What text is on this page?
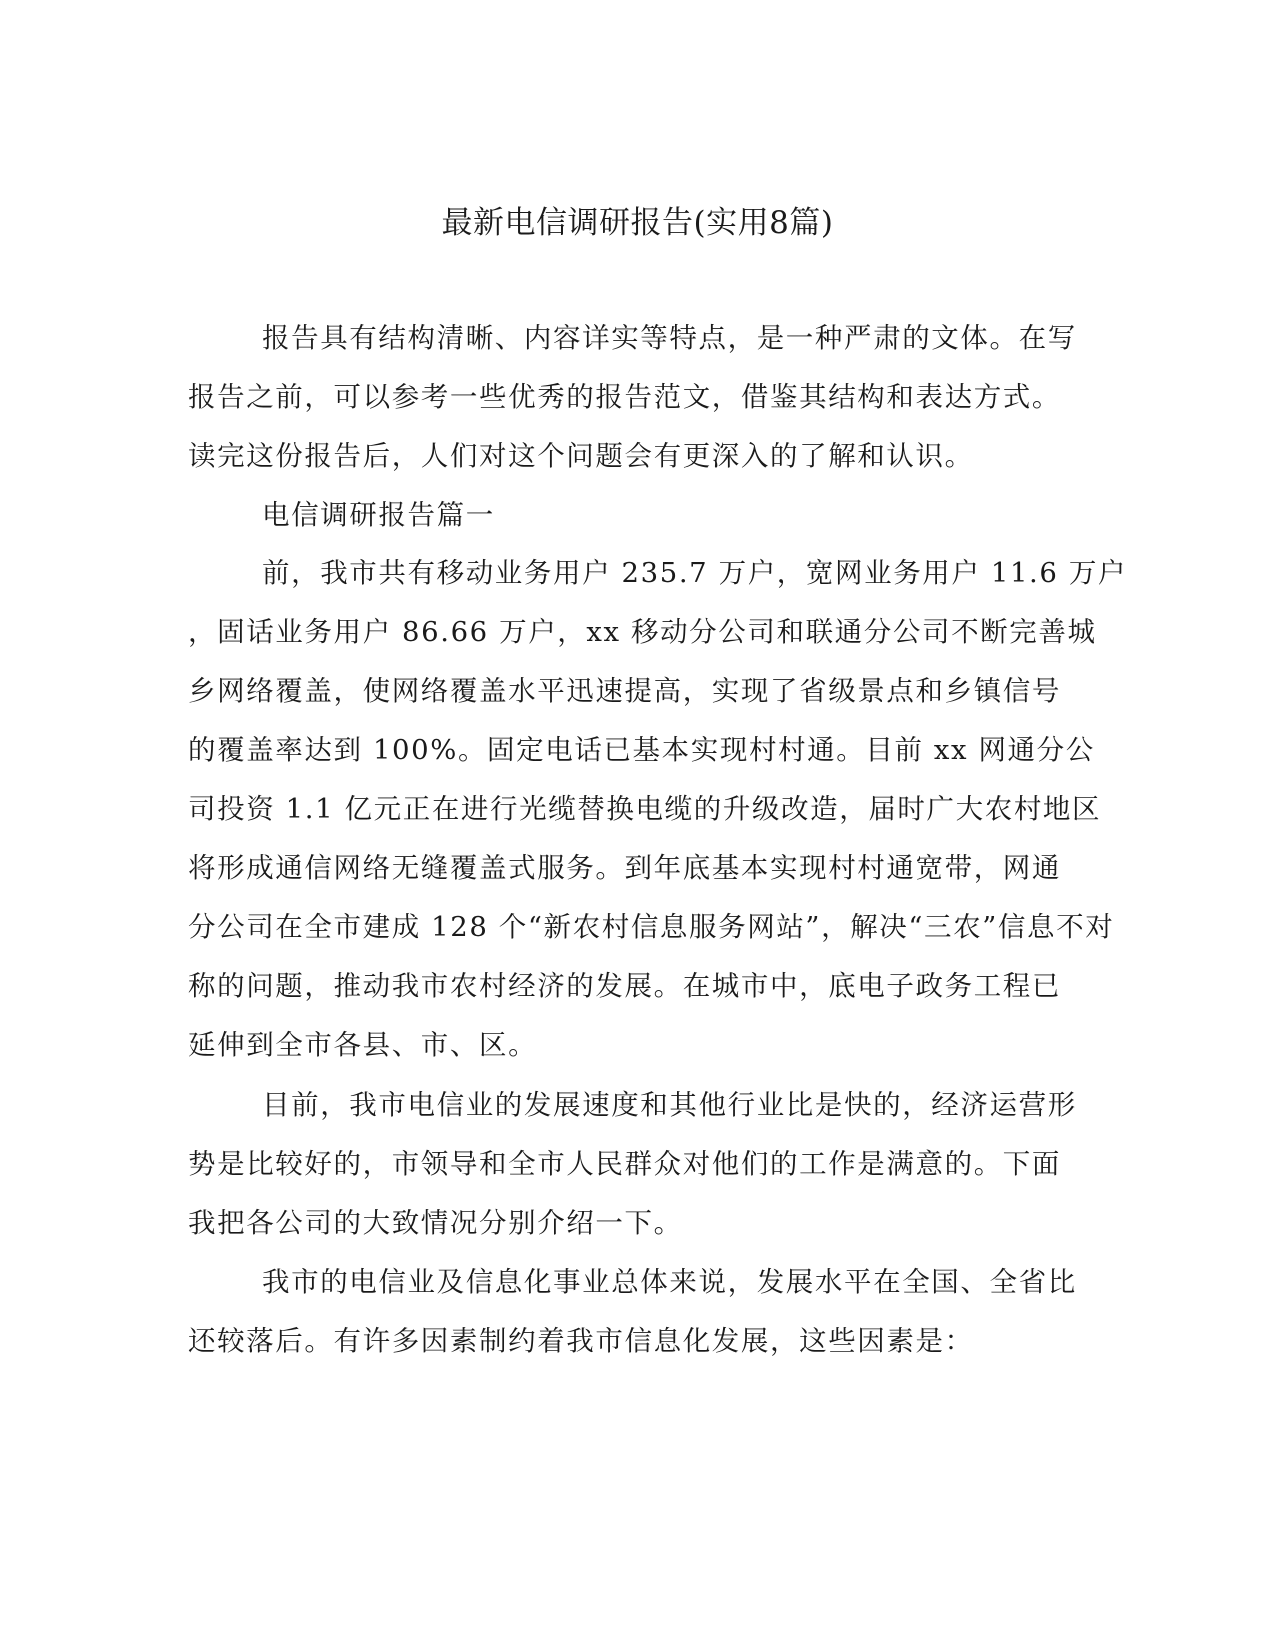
最新电信调研报告(实用8篇)
报告具有结构清晰、内容详实等特点，是一种严肃的文体。在写
报告之前，可以参考一些优秀的报告范文，借鉴其结构和表达方式。
读完这份报告后，人们对这个问题会有更深入的了解和认识。
电信调研报告篇一
前，我市共有移动业务用户 235.7 万户，宽网业务用户 11.6 万户
，固话业务用户 86.66 万户，xx 移动分公司和联通分公司不断完善城
乡网络覆盖，使网络覆盖水平迅速提高，实现了省级景点和乡镇信号
的覆盖率达到 100%。固定电话已基本实现村村通。目前 xx 网通分公
司投资 1.1 亿元正在进行光缆替换电缆的升级改造，届时广大农村地区
将形成通信网络无缝覆盖式服务。到年底基本实现村村通宽带，网通
分公司在全市建成 128 个“新农村信息服务网站”，解决“三农”信息不对
称的问题，推动我市农村经济的发展。在城市中，底电子政务工程已
延伸到全市各县、市、区。
目前，我市电信业的发展速度和其他行业比是快的，经济运营形
势是比较好的，市领导和全市人民群众对他们的工作是满意的。下面
我把各公司的大致情况分别介绍一下。
我市的电信业及信息化事业总体来说，发展水平在全国、全省比
还较落后。有许多因素制约着我市信息化发展，这些因素是：
